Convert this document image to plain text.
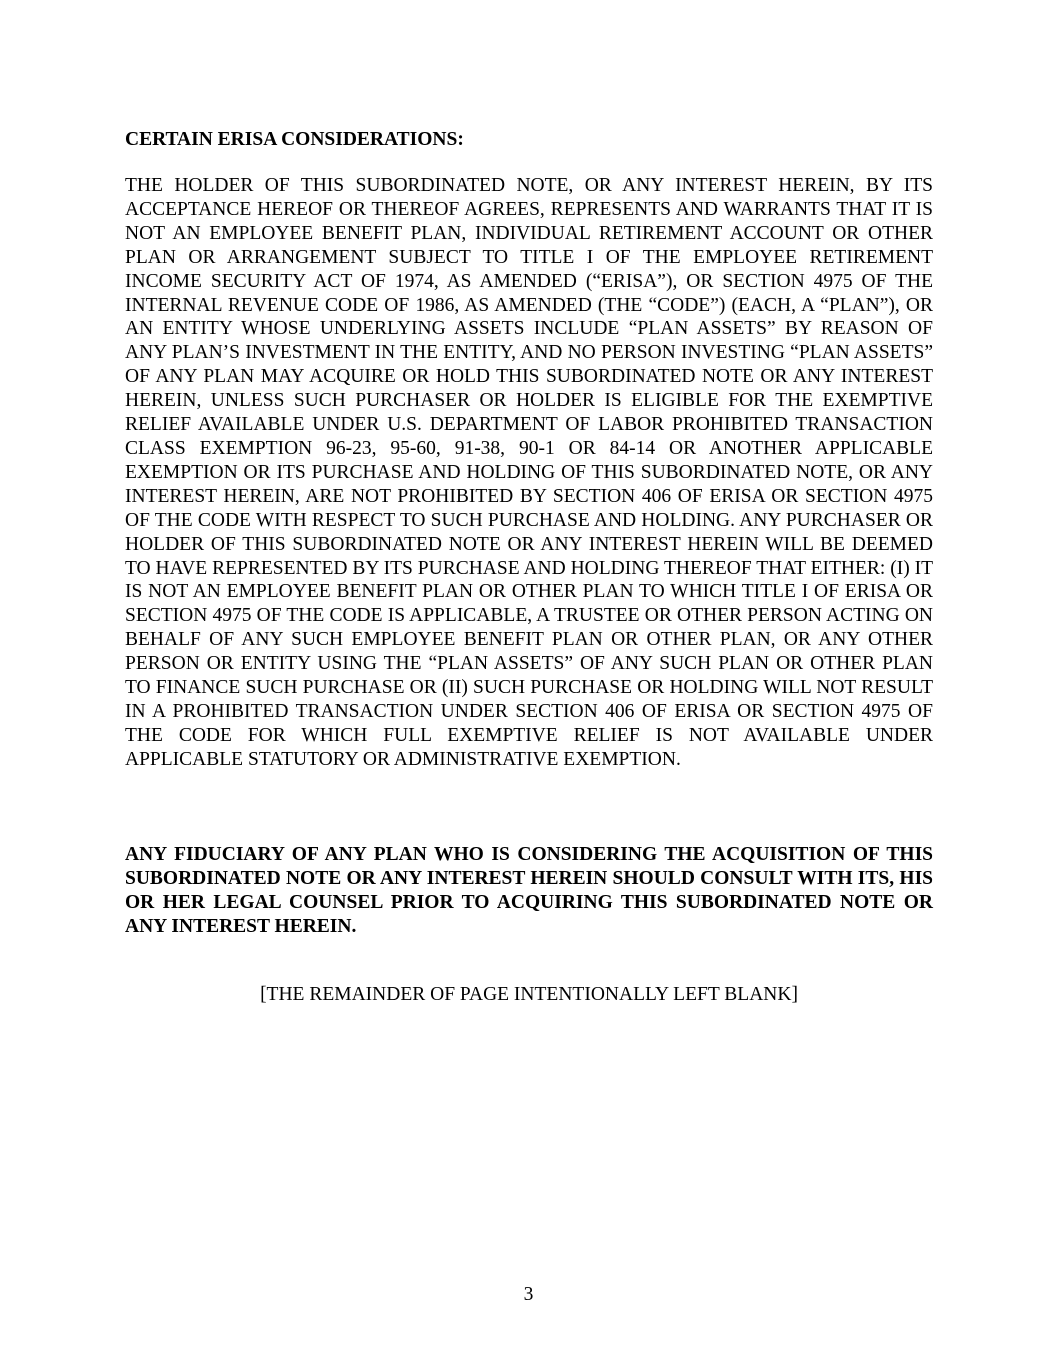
CERTAIN ERISA CONSIDERATIONS:

THE HOLDER OF THIS SUBORDINATED NOTE, OR ANY INTEREST HEREIN, BY ITS ACCEPTANCE HEREOF OR THEREOF AGREES, REPRESENTS AND WARRANTS THAT IT IS NOT AN EMPLOYEE BENEFIT PLAN, INDIVIDUAL RETIREMENT ACCOUNT OR OTHER PLAN OR ARRANGEMENT SUBJECT TO TITLE I OF THE EMPLOYEE RETIREMENT INCOME SECURITY ACT OF 1974, AS AMENDED (“ERISA”), OR SECTION 4975 OF THE INTERNAL REVENUE CODE OF 1986, AS AMENDED (THE “CODE”) (EACH, A “PLAN”), OR AN ENTITY WHOSE UNDERLYING ASSETS INCLUDE “PLAN ASSETS” BY REASON OF ANY PLAN’S INVESTMENT IN THE ENTITY, AND NO PERSON INVESTING “PLAN ASSETS” OF ANY PLAN MAY ACQUIRE OR HOLD THIS SUBORDINATED NOTE OR ANY INTEREST HEREIN, UNLESS SUCH PURCHASER OR HOLDER IS ELIGIBLE FOR THE EXEMPTIVE RELIEF AVAILABLE UNDER U.S. DEPARTMENT OF LABOR PROHIBITED TRANSACTION CLASS EXEMPTION 96-23, 95-60, 91-38, 90-1 OR 84-14 OR ANOTHER APPLICABLE EXEMPTION OR ITS PURCHASE AND HOLDING OF THIS SUBORDINATED NOTE, OR ANY INTEREST HEREIN, ARE NOT PROHIBITED BY SECTION 406 OF ERISA OR SECTION 4975 OF THE CODE WITH RESPECT TO SUCH PURCHASE AND HOLDING. ANY PURCHASER OR HOLDER OF THIS SUBORDINATED NOTE OR ANY INTEREST HEREIN WILL BE DEEMED TO HAVE REPRESENTED BY ITS PURCHASE AND HOLDING THEREOF THAT EITHER: (I) IT IS NOT AN EMPLOYEE BENEFIT PLAN OR OTHER PLAN TO WHICH TITLE I OF ERISA OR SECTION 4975 OF THE CODE IS APPLICABLE, A TRUSTEE OR OTHER PERSON ACTING ON BEHALF OF ANY SUCH EMPLOYEE BENEFIT PLAN OR OTHER PLAN, OR ANY OTHER PERSON OR ENTITY USING THE “PLAN ASSETS” OF ANY SUCH PLAN OR OTHER PLAN TO FINANCE SUCH PURCHASE OR (II) SUCH PURCHASE OR HOLDING WILL NOT RESULT IN A PROHIBITED TRANSACTION UNDER SECTION 406 OF ERISA OR SECTION 4975 OF THE CODE FOR WHICH FULL EXEMPTIVE RELIEF IS NOT AVAILABLE UNDER APPLICABLE STATUTORY OR ADMINISTRATIVE EXEMPTION.

ANY FIDUCIARY OF ANY PLAN WHO IS CONSIDERING THE ACQUISITION OF THIS SUBORDINATED NOTE OR ANY INTEREST HEREIN SHOULD CONSULT WITH ITS, HIS OR HER LEGAL COUNSEL PRIOR TO ACQUIRING THIS SUBORDINATED NOTE OR ANY INTEREST HEREIN.

[THE REMAINDER OF PAGE INTENTIONALLY LEFT BLANK]

3
